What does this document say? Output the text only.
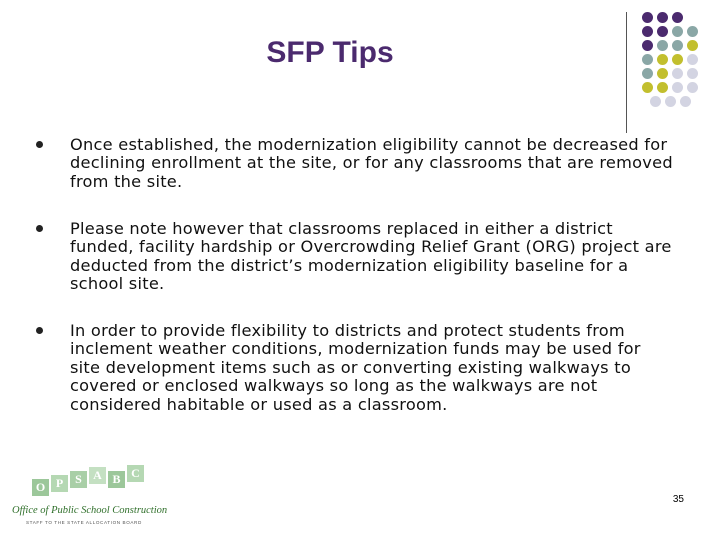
SFP Tips
Once established, the modernization eligibility cannot be decreased for declining enrollment at the site, or for any classrooms that are removed from the site.
Please note however that classrooms replaced in either a district funded, facility hardship or Overcrowding Relief Grant (ORG) project are deducted from the district’s modernization eligibility baseline for a school site.
In order to provide flexibility to districts and protect students from inclement weather conditions, modernization funds may be used for site development items such as or converting existing walkways to covered or enclosed walkways so long as the walkways are not considered habitable or used as a classroom.
O P S A B C
Office of Public School Construction
STAFF TO THE STATE ALLOCATION BOARD
35
